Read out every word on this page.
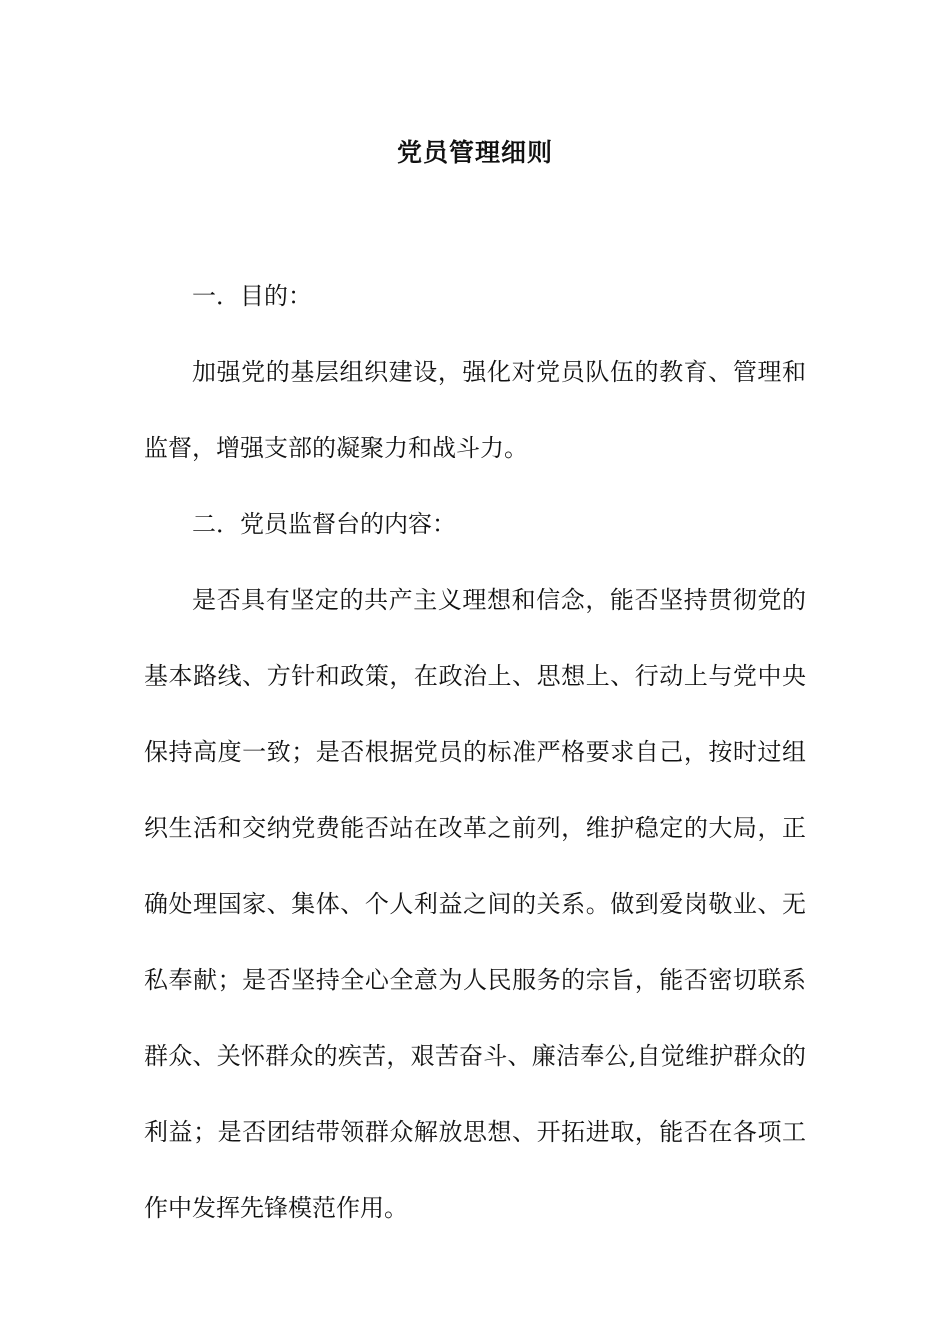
党员管理细则

一．目的：

加强党的基层组织建设，强化对党员队伍的教育、管理和监督，增强支部的凝聚力和战斗力。

二．党员监督台的内容：

是否具有坚定的共产主义理想和信念，能否坚持贯彻党的基本路线、方针和政策，在政治上、思想上、行动上与党中央保持高度一致；是否根据党员的标准严格要求自己，按时过组织生活和交纳党费能否站在改革之前列，维护稳定的大局，正确处理国家、集体、个人利益之间的关系。做到爱岗敬业、无私奉献；是否坚持全心全意为人民服务的宗旨，能否密切联系群众、关怀群众的疾苦，艰苦奋斗、廉洁奉公,自觉维护群众的利益；是否团结带领群众解放思想、开拓进取，能否在各项工作中发挥先锋模范作用。
